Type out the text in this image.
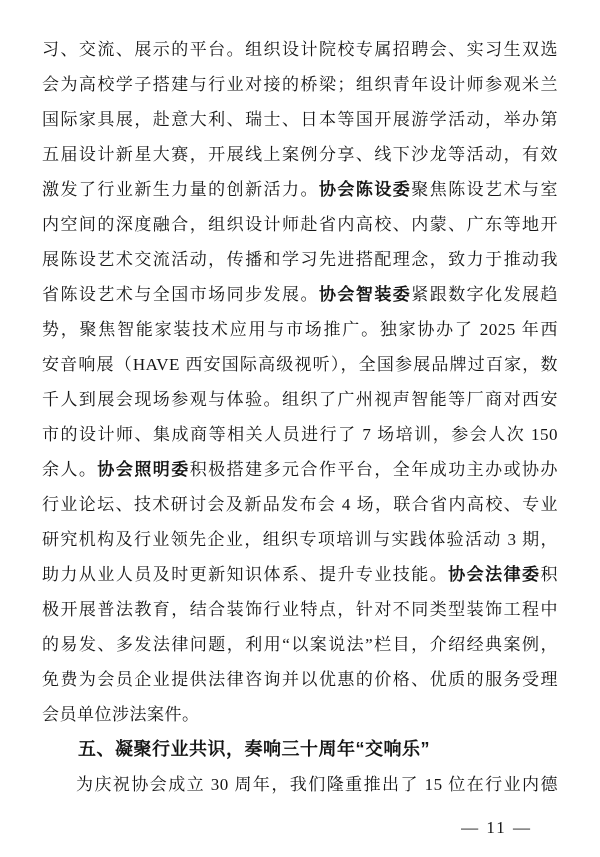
习、交流、展示的平台。组织设计院校专属招聘会、实习生双选
会为高校学子搭建与行业对接的桥梁；组织青年设计师参观米兰
国际家具展，赴意大利、瑞士、日本等国开展游学活动，举办第
五届设计新星大赛，开展线上案例分享、线下沙龙等活动，有效
激发了行业新生力量的创新活力。协会陈设委聚焦陈设艺术与室
内空间的深度融合，组织设计师赴省内高校、内蒙、广东等地开
展陈设艺术交流活动，传播和学习先进搭配理念，致力于推动我
省陈设艺术与全国市场同步发展。协会智装委紧跟数字化发展趋
势，聚焦智能家装技术应用与市场推广。独家协办了 2025 年西
安音响展（HAVE 西安国际高级视听），全国参展品牌过百家，数
千人到展会现场参观与体验。组织了广州视声智能等厂商对西安
市的设计师、集成商等相关人员进行了 7 场培训，参会人次 150
余人。协会照明委积极搭建多元合作平台，全年成功主办或协办
行业论坛、技术研讨会及新品发布会 4 场，联合省内高校、专业
研究机构及行业领先企业，组织专项培训与实践体验活动 3 期，
助力从业人员及时更新知识体系、提升专业技能。协会法律委积
极开展普法教育，结合装饰行业特点，针对不同类型装饰工程中
的易发、多发法律问题，利用“以案说法”栏目，介绍经典案例，
免费为会员企业提供法律咨询并以优惠的价格、优质的服务受理
会员单位涉法案件。
五、凝聚行业共识，奏响三十周年“交响乐”
为庆祝协会成立 30 周年，我们隆重推出了 15 位在行业内德
— 11 —
